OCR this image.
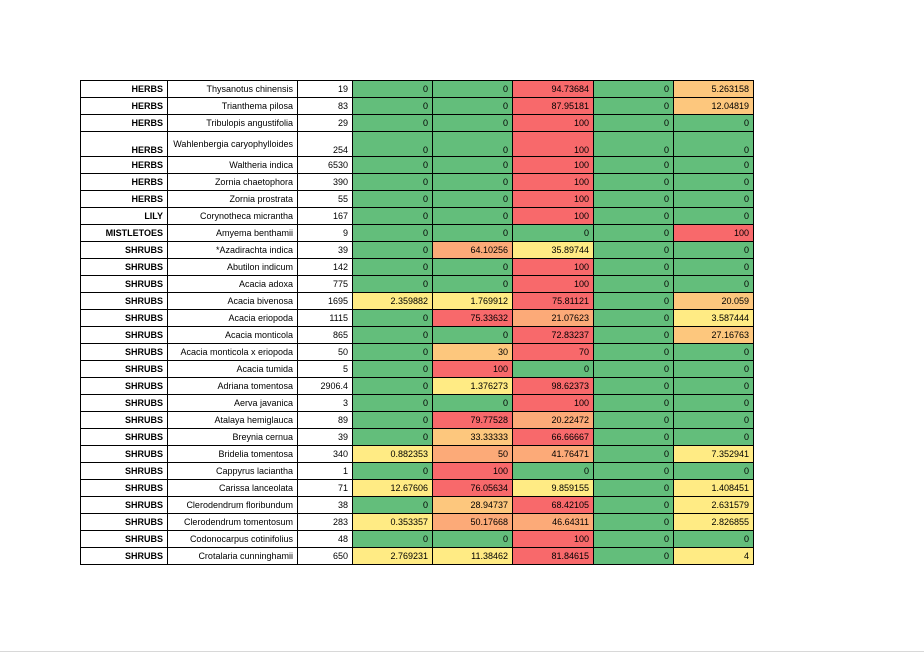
HERBS	Thysanotus chinensis	19	0	0	94.73684	0	5.263158
HERBS	Trianthema pilosa	83	0	0	87.95181	0	12.04819
HERBS	Tribulopis angustifolia	29	0	0	100	0	0
HERBS	Wahlenbergia caryophylloides	254	0	0	100	0	0
HERBS	Waltheria indica	6530	0	0	100	0	0
HERBS	Zornia chaetophora	390	0	0	100	0	0
HERBS	Zornia prostrata	55	0	0	100	0	0
LILY	Corynotheca micrantha	167	0	0	100	0	0
MISTLETOES	Amyema benthamii	9	0	0	0	0	100
SHRUBS	*Azadirachta indica	39	0	64.10256	35.89744	0	0
SHRUBS	Abutilon indicum	142	0	0	100	0	0
SHRUBS	Acacia adoxa	775	0	0	100	0	0
SHRUBS	Acacia bivenosa	1695	2.359882	1.769912	75.81121	0	20.059
SHRUBS	Acacia eriopoda	1115	0	75.33632	21.07623	0	3.587444
SHRUBS	Acacia monticola	865	0	0	72.83237	0	27.16763
SHRUBS	Acacia monticola x eriopoda	50	0	30	70	0	0
SHRUBS	Acacia tumida	5	0	100	0	0	0
SHRUBS	Adriana tomentosa	2906.4	0	1.376273	98.62373	0	0
SHRUBS	Aerva javanica	3	0	0	100	0	0
SHRUBS	Atalaya hemiglauca	89	0	79.77528	20.22472	0	0
SHRUBS	Breynia cernua	39	0	33.33333	66.66667	0	0
SHRUBS	Bridelia tomentosa	340	0.882353	50	41.76471	0	7.352941
SHRUBS	Cappyrus laciantha	1	0	100	0	0	0
SHRUBS	Carissa lanceolata	71	12.67606	76.05634	9.859155	0	1.408451
SHRUBS	Clerodendrum floribundum	38	0	28.94737	68.42105	0	2.631579
SHRUBS	Clerodendrum tomentosum	283	0.353357	50.17668	46.64311	0	2.826855
SHRUBS	Codonocarpus cotinifolius	48	0	0	100	0	0
SHRUBS	Crotalaria cunninghamii	650	2.769231	11.38462	81.84615	0	4
